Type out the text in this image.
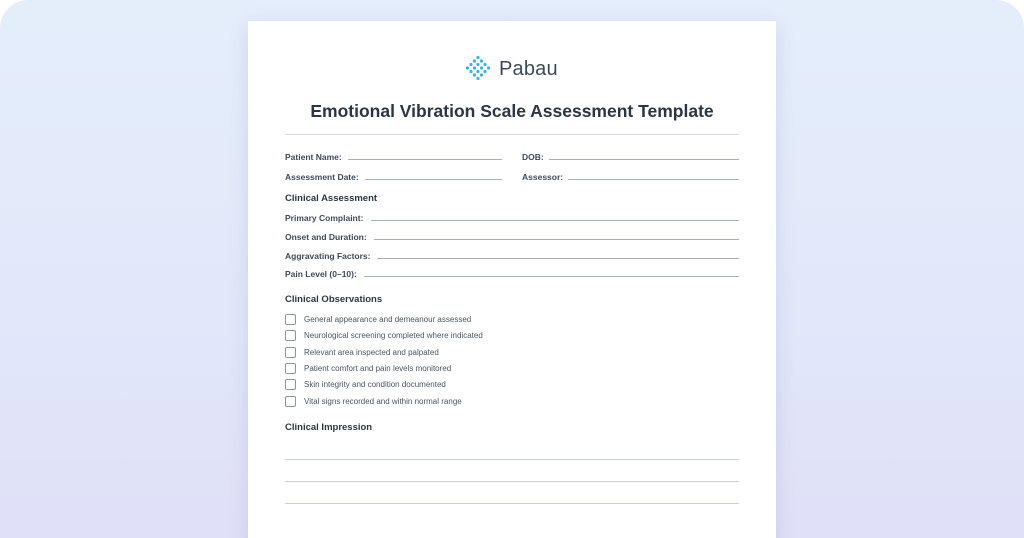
Pabau
Emotional Vibration Scale Assessment Template
Patient Name:	DOB:
Assessment Date:	Assessor:
Clinical Assessment
Primary Complaint:
Onset and Duration:
Aggravating Factors:
Pain Level (0–10):
Clinical Observations
General appearance and demeanour assessed
Neurological screening completed where indicated
Relevant area inspected and palpated
Patient comfort and pain levels monitored
Skin integrity and condition documented
Vital signs recorded and within normal range
Clinical Impression
